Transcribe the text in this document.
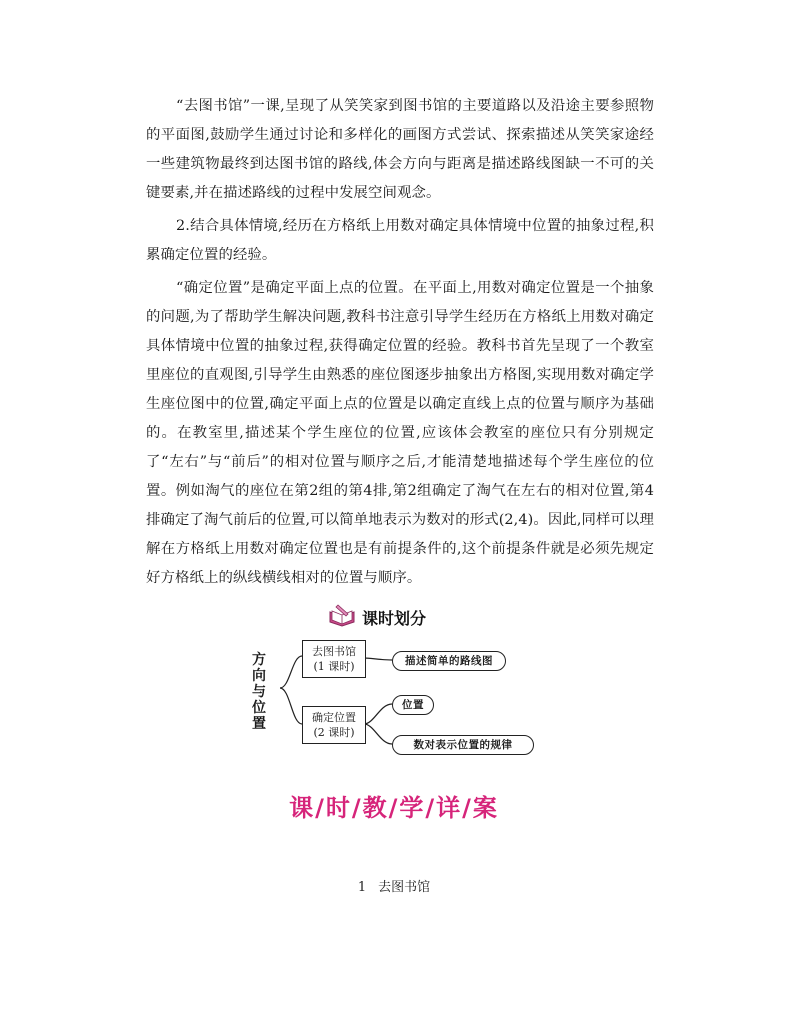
“去图书馆”一课,呈现了从笑笑家到图书馆的主要道路以及沿途主要参照物的平面图,鼓励学生通过讨论和多样化的画图方式尝试、探索描述从笑笑家途经一些建筑物最终到达图书馆的路线,体会方向与距离是描述路线图缺一不可的关键要素,并在描述路线的过程中发展空间观念。

2.结合具体情境,经历在方格纸上用数对确定具体情境中位置的抽象过程,积累确定位置的经验。

“确定位置”是确定平面上点的位置。在平面上,用数对确定位置是一个抽象的问题,为了帮助学生解决问题,教科书注意引导学生经历在方格纸上用数对确定具体情境中位置的抽象过程,获得确定位置的经验。教科书首先呈现了一个教室里座位的直观图,引导学生由熟悉的座位图逐步抽象出方格图,实现用数对确定学生座位图中的位置,确定平面上点的位置是以确定直线上点的位置与顺序为基础的。在教室里,描述某个学生座位的位置,应该体会教室的座位只有分别规定了“左右”与“前后”的相对位置与顺序之后,才能清楚地描述每个学生座位的位置。例如淘气的座位在第2组的第4排,第2组确定了淘气在左右的相对位置,第4排确定了淘气前后的位置,可以简单地表示为数对的形式(2,4)。因此,同样可以理解在方格纸上用数对确定位置也是有前提条件的,这个前提条件就是必须先规定好方格纸上的纵线横线相对的位置与顺序。

课时划分
方向与位置
去图书馆
(1 课时)
确定位置
(2 课时)
描述简单的路线图
位置
数对表示位置的规律
课/时/教/学/详/案
1 去图书馆
